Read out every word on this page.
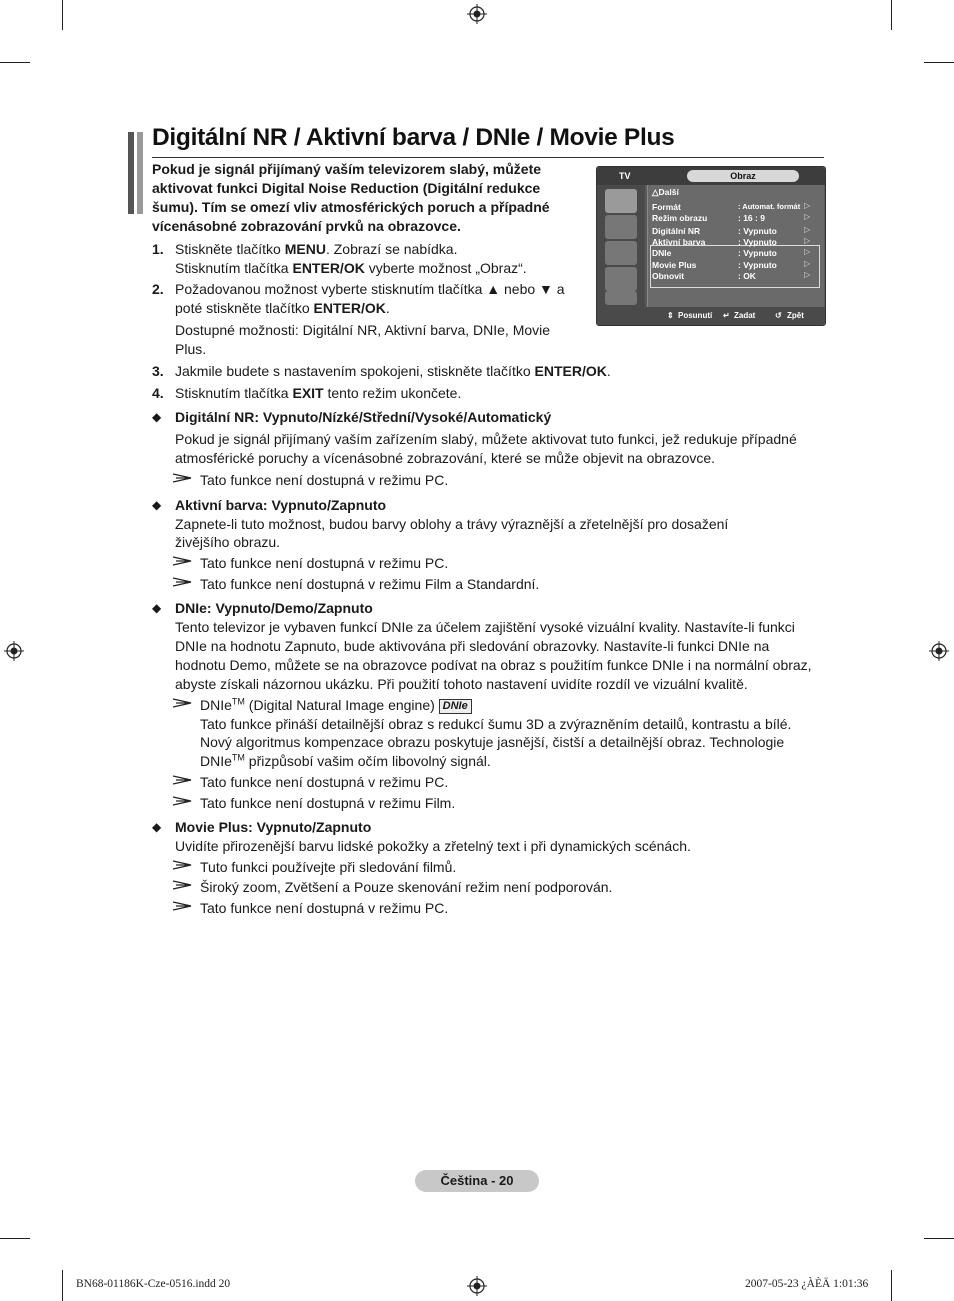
Digitální NR / Aktivní barva / DNIe / Movie Plus
Pokud je signál přijímaný vaším televizorem slabý, můžete aktivovat funkci Digital Noise Reduction (Digitální redukce šumu). Tím se omezí vliv atmosférických poruch a případné vícenásobné zobrazování prvků na obrazovce.
1. Stiskněte tlačítko MENU. Zobrazí se nabídka.
Stisknutím tlačítka ENTER/OK vyberte možnost „Obraz“.
2. Požadovanou možnost vyberte stisknutím tlačítka ▲ nebo ▼ a
poté stiskněte tlačítko ENTER/OK.
Dostupné možnosti: Digitální NR, Aktivní barva, DNIe, Movie
Plus.
3. Jakmile budete s nastavením spokojeni, stiskněte tlačítko ENTER/OK.
4. Stisknutím tlačítka EXIT tento režim ukončete.
◆ Digitální NR: Vypnuto/Nízké/Střední/Vysoké/Automatický
Pokud je signál přijímaný vaším zařízením slabý, můžete aktivovat tuto funkci, jež redukuje případné
atmosférické poruchy a vícenásobné zobrazování, které se může objevit na obrazovce.
Tato funkce není dostupná v režimu PC.
◆ Aktivní barva: Vypnuto/Zapnuto
Zapnete-li tuto možnost, budou barvy oblohy a trávy výraznější a zřetelnější pro dosažení
živějšího obrazu.
Tato funkce není dostupná v režimu PC.
Tato funkce není dostupná v režimu Film a Standardní.
◆ DNIe: Vypnuto/Demo/Zapnuto
Tento televizor je vybaven funkcí DNIe za účelem zajištění vysoké vizuální kvality. Nastavíte-li funkci
DNIe na hodnotu Zapnuto, bude aktivována při sledování obrazovky. Nastavíte-li funkci DNIe na
hodnotu Demo, můžete se na obrazovce podívat na obraz s použitím funkce DNIe i na normální obraz,
abyste získali názornou ukázku. Při použití tohoto nastavení uvidíte rozdíl ve vizuální kvalitě.
DNIe™ (Digital Natural Image engine) DNIe
Tato funkce přináší detailnější obraz s redukcí šumu 3D a zvýrazněním detailů, kontrastu a bílé.
Nový algoritmus kompenzace obrazu poskytuje jasnější, čistší a detailnější obraz. Technologie
DNIe™ přizpůsobí vašim očím libovolný signál.
Tato funkce není dostupná v režimu PC.
Tato funkce není dostupná v režimu Film.
◆ Movie Plus: Vypnuto/Zapnuto
Uvidíte přirozenější barvu lidské pokožky a zřetelný text i při dynamických scénách.
Tuto funkci používejte při sledování filmů.
Široký zoom, Zvětšení a Pouze skenování režim není podporován.
Tato funkce není dostupná v režimu PC.
TV	Obraz
△Další
Formát	: Automat. formát ▷
Režim obrazu	: 16 : 9	▷
Digitální NR	: Vypnuto	▷
Aktivní barva	: Vypnuto	▷
DNIe	: Vypnuto	▷
Movie Plus	: Vypnuto	▷
Obnovit	: OK	▷
⇕ Posunutí ↵ Zadat ↺ Zpět
Čeština - 20
BN68-01186K-Cze-0516.indd 20	2007-05-23 ¿ÀÈÄ 1:01:36
